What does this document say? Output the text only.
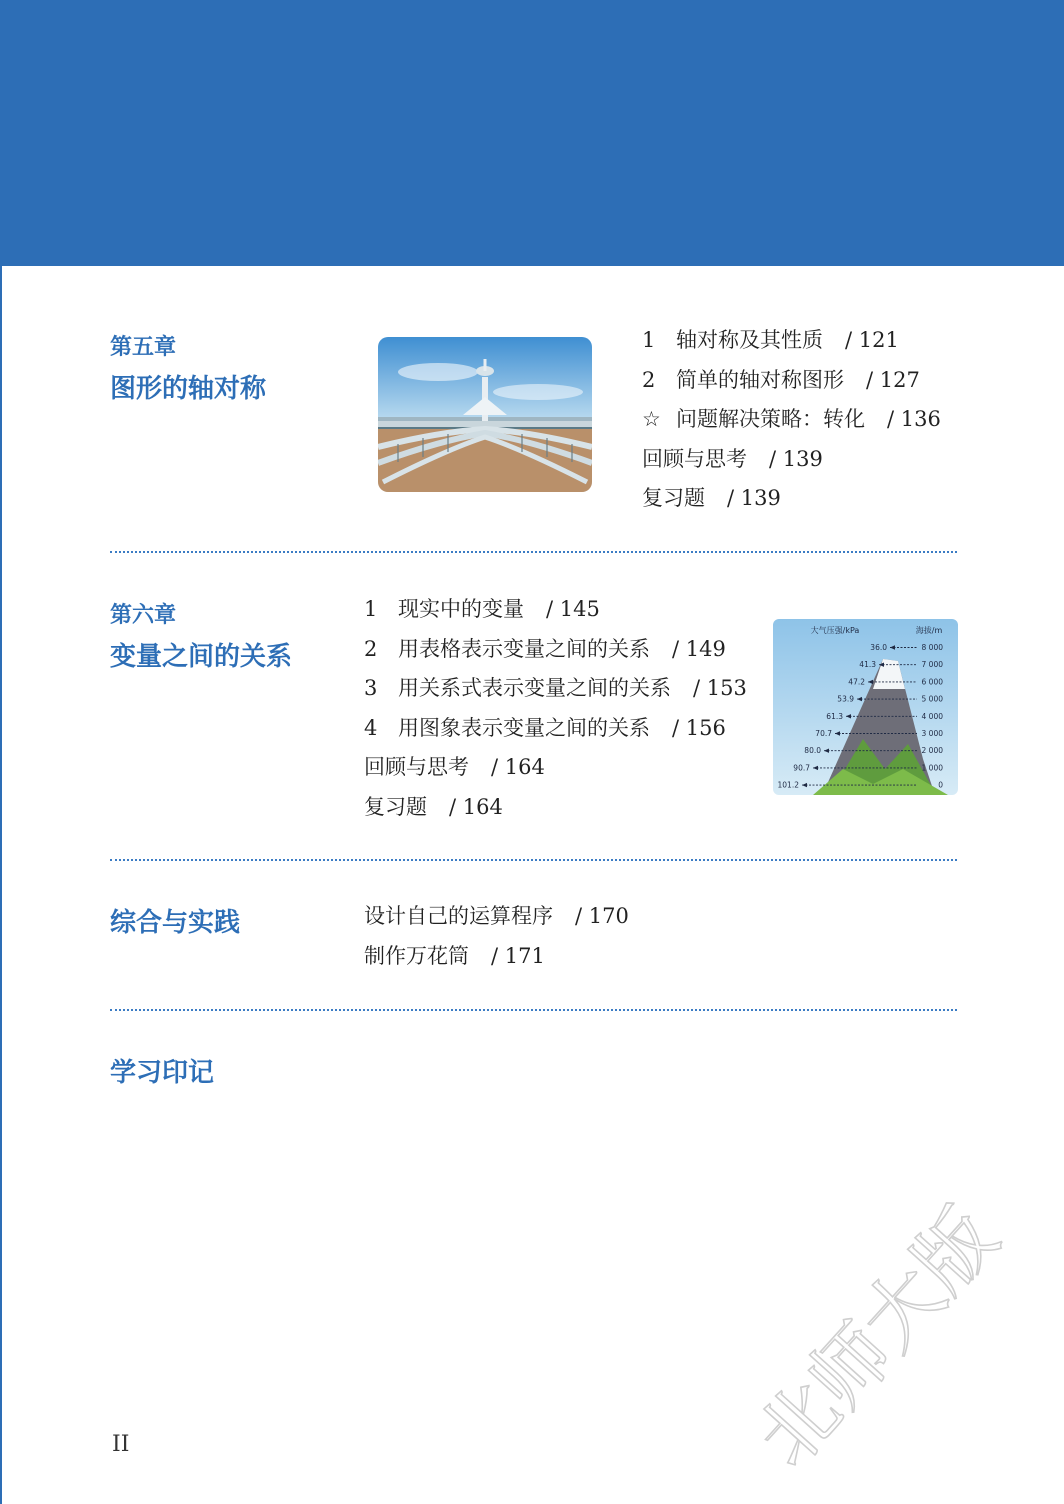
第五章
图形的轴对称
1 轴对称及其性质 / 121
2 简单的轴对称图形 / 127
☆ 问题解决策略：转化 / 136
回顾与思考 / 139
复习题 / 139
第六章
变量之间的关系
1 现实中的变量 / 145
2 用表格表示变量之间的关系 / 149
3 用关系式表示变量之间的关系 / 153
4 用图象表示变量之间的关系 / 156
回顾与思考 / 164
复习题 / 164
大气压强/kPa	海拔/m
36.0	8 000
41.3	7 000
47.2	6 000
53.9	5 000
61.3	4 000
70.7	3 000
80.0	2 000
90.7	1 000
101.2	0
综合与实践	设计自己的运算程序 / 170
制作万花筒 / 171
学习印记
II	北师大版
